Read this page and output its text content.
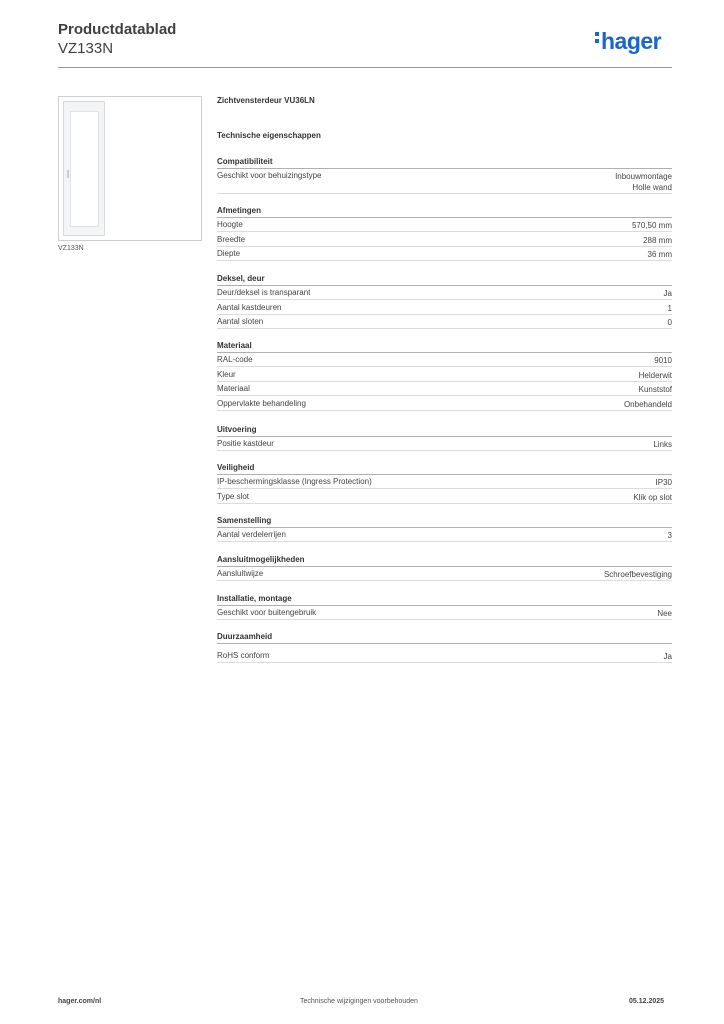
Productdatablad
VZ133N	hager
VZ133N
Zichtvensterdeur VU36LN
Technische eigenschappen
Compatibiliteit
Geschikt voor behuizingstype	Inbouwmontage
Holle wand
Afmetingen
Hoogte	570,50 mm
Breedte	288 mm
Diepte	36 mm
Deksel, deur
Deur/deksel is transparant	Ja
Aantal kastdeuren	1
Aantal sloten	0
Materiaal
RAL-code	9010
Kleur	Helderwit
Materiaal	Kunststof
Oppervlakte behandeling	Onbehandeld
Uitvoering
Positie kastdeur	Links
Veiligheid
IP-beschermingsklasse (Ingress Protection)	IP30
Type slot	Klik op slot
Samenstelling
Aantal verdelerrijen	3
Aansluitmogelijkheden
Aansluitwijze	Schroefbevestiging
Installatie, montage
Geschikt voor buitengebruik	Nee
Duurzaamheid
RoHS conform	Ja
hager.com/nl	Technische wijzigingen voorbehouden	05.12.2025
